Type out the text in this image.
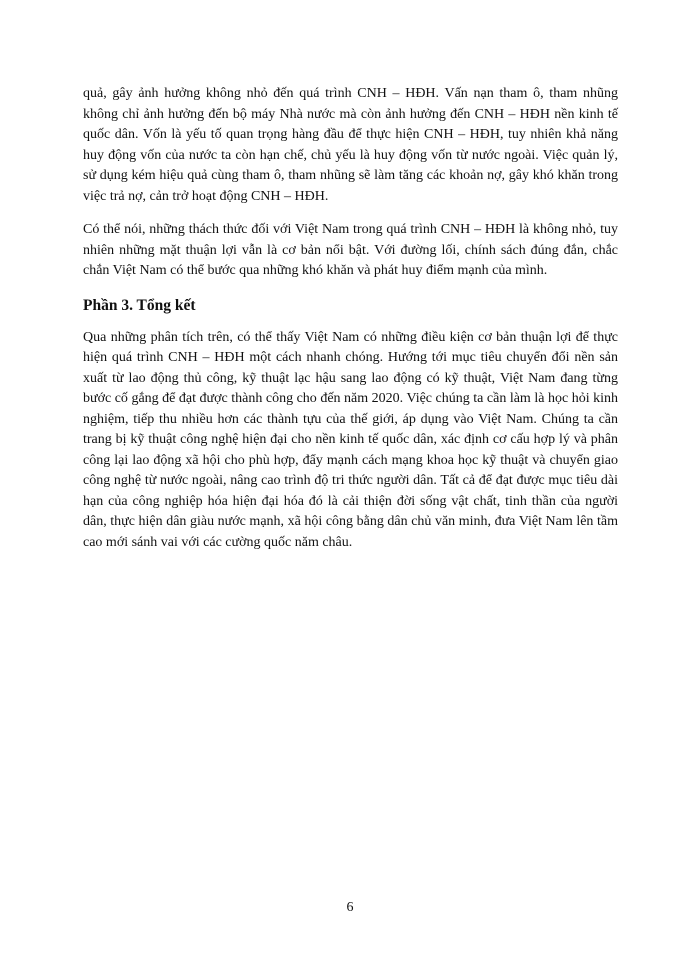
quả, gây ảnh hưởng không nhỏ đến quá trình CNH – HĐH. Vấn nạn tham ô, tham nhũng không chỉ ảnh hưởng đến bộ máy Nhà nước mà còn ảnh hưởng đến CNH – HĐH nền kinh tế quốc dân. Vốn là yếu tố quan trọng hàng đầu để thực hiện CNH – HĐH, tuy nhiên khả năng huy động vốn của nước ta còn hạn chế, chủ yếu là huy động vốn từ nước ngoài. Việc quản lý, sử dụng kém hiệu quả cùng tham ô, tham nhũng sẽ làm tăng các khoản nợ, gây khó khăn trong việc trả nợ, cản trở hoạt động CNH – HĐH.

Có thể nói, những thách thức đối với Việt Nam trong quá trình CNH – HĐH là không nhỏ, tuy nhiên những mặt thuận lợi vẫn là cơ bản nổi bật. Với đường lối, chính sách đúng đắn, chắc chắn Việt Nam có thể bước qua những khó khăn và phát huy điểm mạnh của mình.

Phần 3. Tổng kết

Qua những phân tích trên, có thể thấy Việt Nam có những điều kiện cơ bản thuận lợi để thực hiện quá trình CNH – HĐH một cách nhanh chóng. Hướng tới mục tiêu chuyển đổi nền sản xuất từ lao động thủ công, kỹ thuật lạc hậu sang lao động có kỹ thuật, Việt Nam đang từng bước cố gắng để đạt được thành công cho đến năm 2020. Việc chúng ta cần làm là học hỏi kinh nghiệm, tiếp thu nhiều hơn các thành tựu của thế giới, áp dụng vào Việt Nam. Chúng ta cần trang bị kỹ thuật công nghệ hiện đại cho nền kinh tế quốc dân, xác định cơ cấu hợp lý và phân công lại lao động xã hội cho phù hợp, đẩy mạnh cách mạng khoa học kỹ thuật và chuyển giao công nghệ từ nước ngoài, nâng cao trình độ tri thức người dân. Tất cả để đạt được mục tiêu dài hạn của công nghiệp hóa hiện đại hóa đó là cải thiện đời sống vật chất, tinh thần của người dân, thực hiện dân giàu nước mạnh, xã hội công bằng dân chủ văn minh, đưa Việt Nam lên tầm cao mới sánh vai với các cường quốc năm châu.

6
